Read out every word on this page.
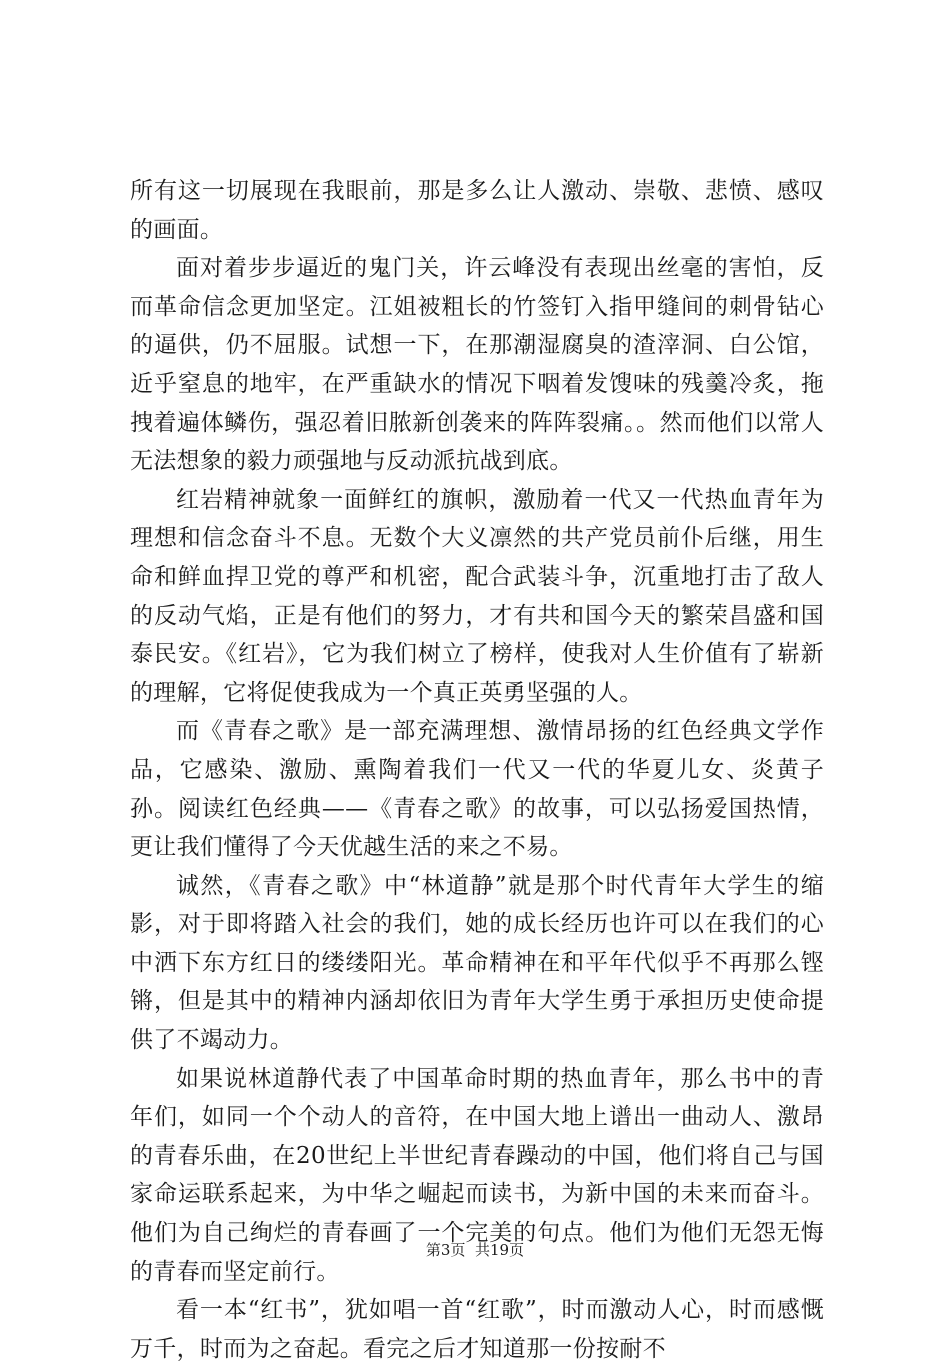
所有这一切展现在我眼前，那是多么让人激动、崇敬、悲愤、感叹的画面。

面对着步步逼近的鬼门关，许云峰没有表现出丝毫的害怕，反而革命信念更加坚定。江姐被粗长的竹签钉入指甲缝间的刺骨钻心的逼供，仍不屈服。试想一下，在那潮湿腐臭的渣滓洞、白公馆，近乎窒息的地牢，在严重缺水的情况下咽着发馊味的残羹冷炙，拖拽着遍体鳞伤，强忍着旧脓新创袭来的阵阵裂痛。。然而他们以常人无法想象的毅力顽强地与反动派抗战到底。

红岩精神就象一面鲜红的旗帜，激励着一代又一代热血青年为理想和信念奋斗不息。无数个大义凛然的共产党员前仆后继，用生命和鲜血捍卫党的尊严和机密，配合武装斗争，沉重地打击了敌人的反动气焰，正是有他们的努力，才有共和国今天的繁荣昌盛和国泰民安。《红岩》，它为我们树立了榜样，使我对人生价值有了崭新的理解，它将促使我成为一个真正英勇坚强的人。

而《青春之歌》是一部充满理想、激情昂扬的红色经典文学作品，它感染、激励、熏陶着我们一代又一代的华夏儿女、炎黄子孙。阅读红色经典——《青春之歌》的故事，可以弘扬爱国热情，更让我们懂得了今天优越生活的来之不易。

诚然，《青春之歌》中“林道静”就是那个时代青年大学生的缩影，对于即将踏入社会的我们，她的成长经历也许可以在我们的心中洒下东方红日的缕缕阳光。革命精神在和平年代似乎不再那么铿锵，但是其中的精神内涵却依旧为青年大学生勇于承担历史使命提供了不竭动力。

如果说林道静代表了中国革命时期的热血青年，那么书中的青年们，如同一个个动人的音符，在中国大地上谱出一曲动人、激昂的青春乐曲，在20世纪上半世纪青春躁动的中国，他们将自己与国家命运联系起来，为中华之崛起而读书，为新中国的未来而奋斗。他们为自己绚烂的青春画了一个完美的句点。他们为他们无怨无悔的青春而坚定前行。

看一本“红书”，犹如唱一首“红歌”，时而激动人心，时而感慨万千，时而为之奋起。看完之后才知道那一份按耐不

第3页  共19页
